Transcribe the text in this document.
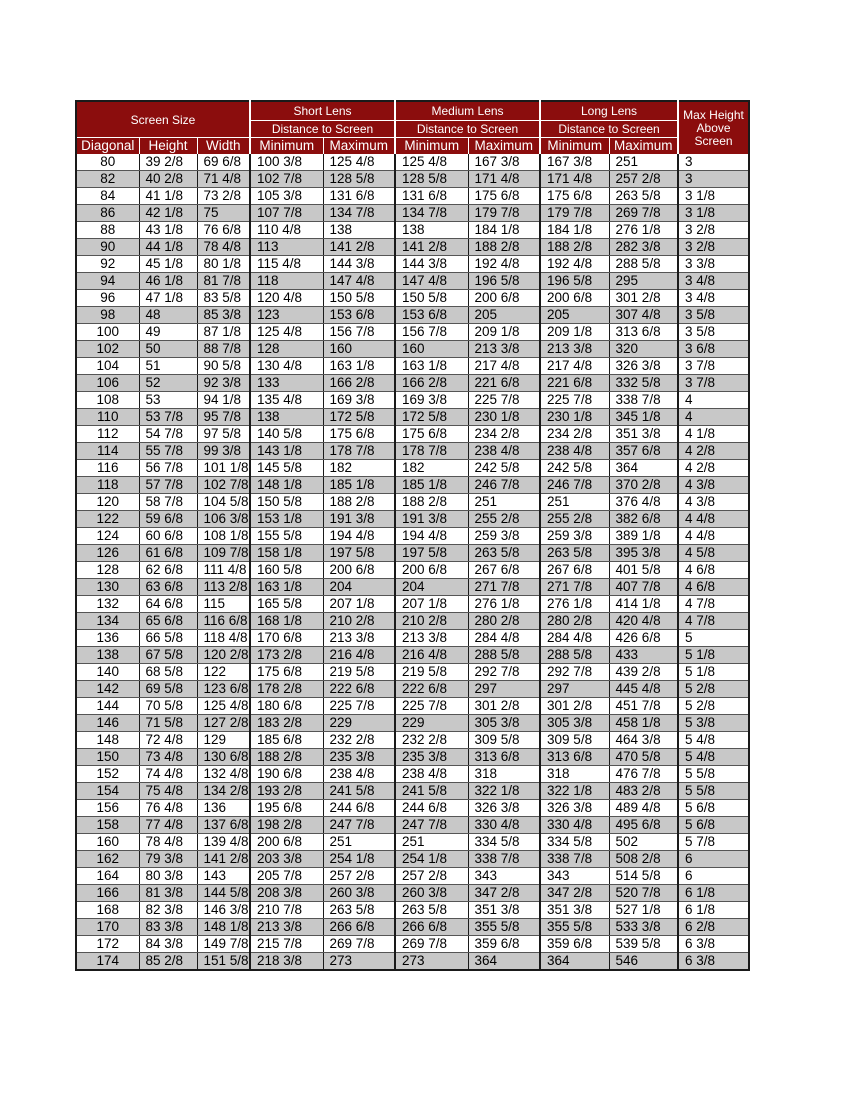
Screen Size			Short Lens		Medium Lens		Long Lens		Max Height Above Screen
			Distance to Screen		Distance to Screen		Distance to Screen		
Diagonal	Height	Width	Minimum	Maximum	Minimum	Maximum	Minimum	Maximum	
80	39 2/8	69 6/8	100 3/8	125 4/8	125 4/8	167 3/8	167 3/8	251	3
82	40 2/8	71 4/8	102 7/8	128 5/8	128 5/8	171 4/8	171 4/8	257 2/8	3
84	41 1/8	73 2/8	105 3/8	131 6/8	131 6/8	175 6/8	175 6/8	263 5/8	3 1/8
86	42 1/8	75	107 7/8	134 7/8	134 7/8	179 7/8	179 7/8	269 7/8	3 1/8
88	43 1/8	76 6/8	110 4/8	138	138	184 1/8	184 1/8	276 1/8	3 2/8
90	44 1/8	78 4/8	113	141 2/8	141 2/8	188 2/8	188 2/8	282 3/8	3 2/8
92	45 1/8	80 1/8	115 4/8	144 3/8	144 3/8	192 4/8	192 4/8	288 5/8	3 3/8
94	46 1/8	81 7/8	118	147 4/8	147 4/8	196 5/8	196 5/8	295	3 4/8
96	47 1/8	83 5/8	120 4/8	150 5/8	150 5/8	200 6/8	200 6/8	301 2/8	3 4/8
98	48	85 3/8	123	153 6/8	153 6/8	205	205	307 4/8	3 5/8
100	49	87 1/8	125 4/8	156 7/8	156 7/8	209 1/8	209 1/8	313 6/8	3 5/8
102	50	88 7/8	128	160	160	213 3/8	213 3/8	320	3 6/8
104	51	90 5/8	130 4/8	163 1/8	163 1/8	217 4/8	217 4/8	326 3/8	3 7/8
106	52	92 3/8	133	166 2/8	166 2/8	221 6/8	221 6/8	332 5/8	3 7/8
108	53	94 1/8	135 4/8	169 3/8	169 3/8	225 7/8	225 7/8	338 7/8	4
110	53 7/8	95 7/8	138	172 5/8	172 5/8	230 1/8	230 1/8	345 1/8	4
112	54 7/8	97 5/8	140 5/8	175 6/8	175 6/8	234 2/8	234 2/8	351 3/8	4 1/8
114	55 7/8	99 3/8	143 1/8	178 7/8	178 7/8	238 4/8	238 4/8	357 6/8	4 2/8
116	56 7/8	101 1/8	145 5/8	182	182	242 5/8	242 5/8	364	4 2/8
118	57 7/8	102 7/8	148 1/8	185 1/8	185 1/8	246 7/8	246 7/8	370 2/8	4 3/8
120	58 7/8	104 5/8	150 5/8	188 2/8	188 2/8	251	251	376 4/8	4 3/8
122	59 6/8	106 3/8	153 1/8	191 3/8	191 3/8	255 2/8	255 2/8	382 6/8	4 4/8
124	60 6/8	108 1/8	155 5/8	194 4/8	194 4/8	259 3/8	259 3/8	389 1/8	4 4/8
126	61 6/8	109 7/8	158 1/8	197 5/8	197 5/8	263 5/8	263 5/8	395 3/8	4 5/8
128	62 6/8	111 4/8	160 5/8	200 6/8	200 6/8	267 6/8	267 6/8	401 5/8	4 6/8
130	63 6/8	113 2/8	163 1/8	204	204	271 7/8	271 7/8	407 7/8	4 6/8
132	64 6/8	115	165 5/8	207 1/8	207 1/8	276 1/8	276 1/8	414 1/8	4 7/8
134	65 6/8	116 6/8	168 1/8	210 2/8	210 2/8	280 2/8	280 2/8	420 4/8	4 7/8
136	66 5/8	118 4/8	170 6/8	213 3/8	213 3/8	284 4/8	284 4/8	426 6/8	5
138	67 5/8	120 2/8	173 2/8	216 4/8	216 4/8	288 5/8	288 5/8	433	5 1/8
140	68 5/8	122	175 6/8	219 5/8	219 5/8	292 7/8	292 7/8	439 2/8	5 1/8
142	69 5/8	123 6/8	178 2/8	222 6/8	222 6/8	297	297	445 4/8	5 2/8
144	70 5/8	125 4/8	180 6/8	225 7/8	225 7/8	301 2/8	301 2/8	451 7/8	5 2/8
146	71 5/8	127 2/8	183 2/8	229	229	305 3/8	305 3/8	458 1/8	5 3/8
148	72 4/8	129	185 6/8	232 2/8	232 2/8	309 5/8	309 5/8	464 3/8	5 4/8
150	73 4/8	130 6/8	188 2/8	235 3/8	235 3/8	313 6/8	313 6/8	470 5/8	5 4/8
152	74 4/8	132 4/8	190 6/8	238 4/8	238 4/8	318	318	476 7/8	5 5/8
154	75 4/8	134 2/8	193 2/8	241 5/8	241 5/8	322 1/8	322 1/8	483 2/8	5 5/8
156	76 4/8	136	195 6/8	244 6/8	244 6/8	326 3/8	326 3/8	489 4/8	5 6/8
158	77 4/8	137 6/8	198 2/8	247 7/8	247 7/8	330 4/8	330 4/8	495 6/8	5 6/8
160	78 4/8	139 4/8	200 6/8	251	251	334 5/8	334 5/8	502	5 7/8
162	79 3/8	141 2/8	203 3/8	254 1/8	254 1/8	338 7/8	338 7/8	508 2/8	6
164	80 3/8	143	205 7/8	257 2/8	257 2/8	343	343	514 5/8	6
166	81 3/8	144 5/8	208 3/8	260 3/8	260 3/8	347 2/8	347 2/8	520 7/8	6 1/8
168	82 3/8	146 3/8	210 7/8	263 5/8	263 5/8	351 3/8	351 3/8	527 1/8	6 1/8
170	83 3/8	148 1/8	213 3/8	266 6/8	266 6/8	355 5/8	355 5/8	533 3/8	6 2/8
172	84 3/8	149 7/8	215 7/8	269 7/8	269 7/8	359 6/8	359 6/8	539 5/8	6 3/8
174	85 2/8	151 5/8	218 3/8	273	273	364	364	546	6 3/8
